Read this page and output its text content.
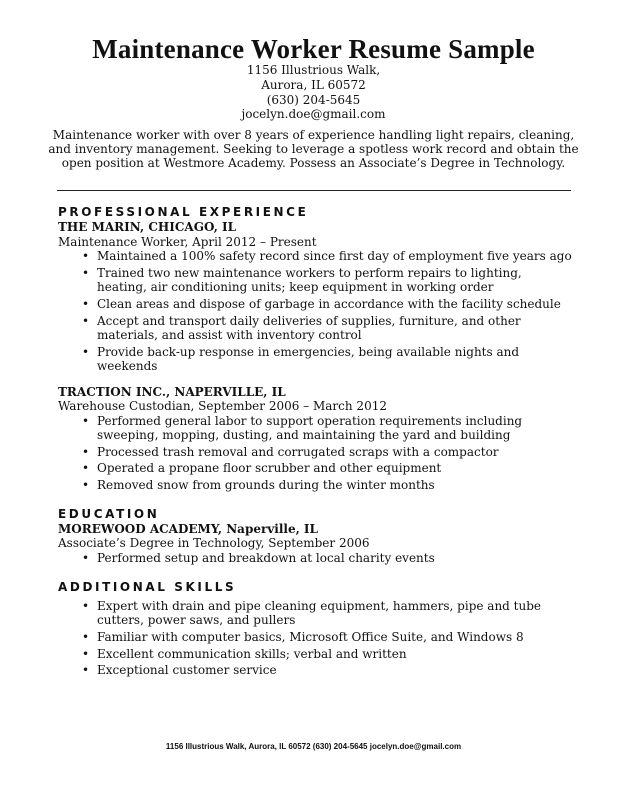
Maintenance Worker Resume Sample
1156 Illustrious Walk,
Aurora, IL 60572
(630) 204-5645
jocelyn.doe@gmail.com
Maintenance worker with over 8 years of experience handling light repairs, cleaning, and inventory management. Seeking to leverage a spotless work record and obtain the open position at Westmore Academy. Possess an Associate’s Degree in Technology.
PROFESSIONAL EXPERIENCE
THE MARIN, CHICAGO, IL
Maintenance Worker, April 2012 – Present
• Maintained a 100% safety record since first day of employment five years ago
• Trained two new maintenance workers to perform repairs to lighting, heating, air conditioning units; keep equipment in working order
• Clean areas and dispose of garbage in accordance with the facility schedule
• Accept and transport daily deliveries of supplies, furniture, and other materials, and assist with inventory control
• Provide back-up response in emergencies, being available nights and weekends
TRACTION INC., NAPERVILLE, IL
Warehouse Custodian, September 2006 – March 2012
• Performed general labor to support operation requirements including sweeping, mopping, dusting, and maintaining the yard and building
• Processed trash removal and corrugated scraps with a compactor
• Operated a propane floor scrubber and other equipment
• Removed snow from grounds during the winter months
EDUCATION
MOREWOOD ACADEMY, Naperville, IL
Associate’s Degree in Technology, September 2006
• Performed setup and breakdown at local charity events
ADDITIONAL SKILLS
• Expert with drain and pipe cleaning equipment, hammers, pipe and tube cutters, power saws, and pullers
• Familiar with computer basics, Microsoft Office Suite, and Windows 8
• Excellent communication skills; verbal and written
• Exceptional customer service
1156 Illustrious Walk, Aurora, IL 60572 (630) 204-5645 jocelyn.doe@gmail.com
